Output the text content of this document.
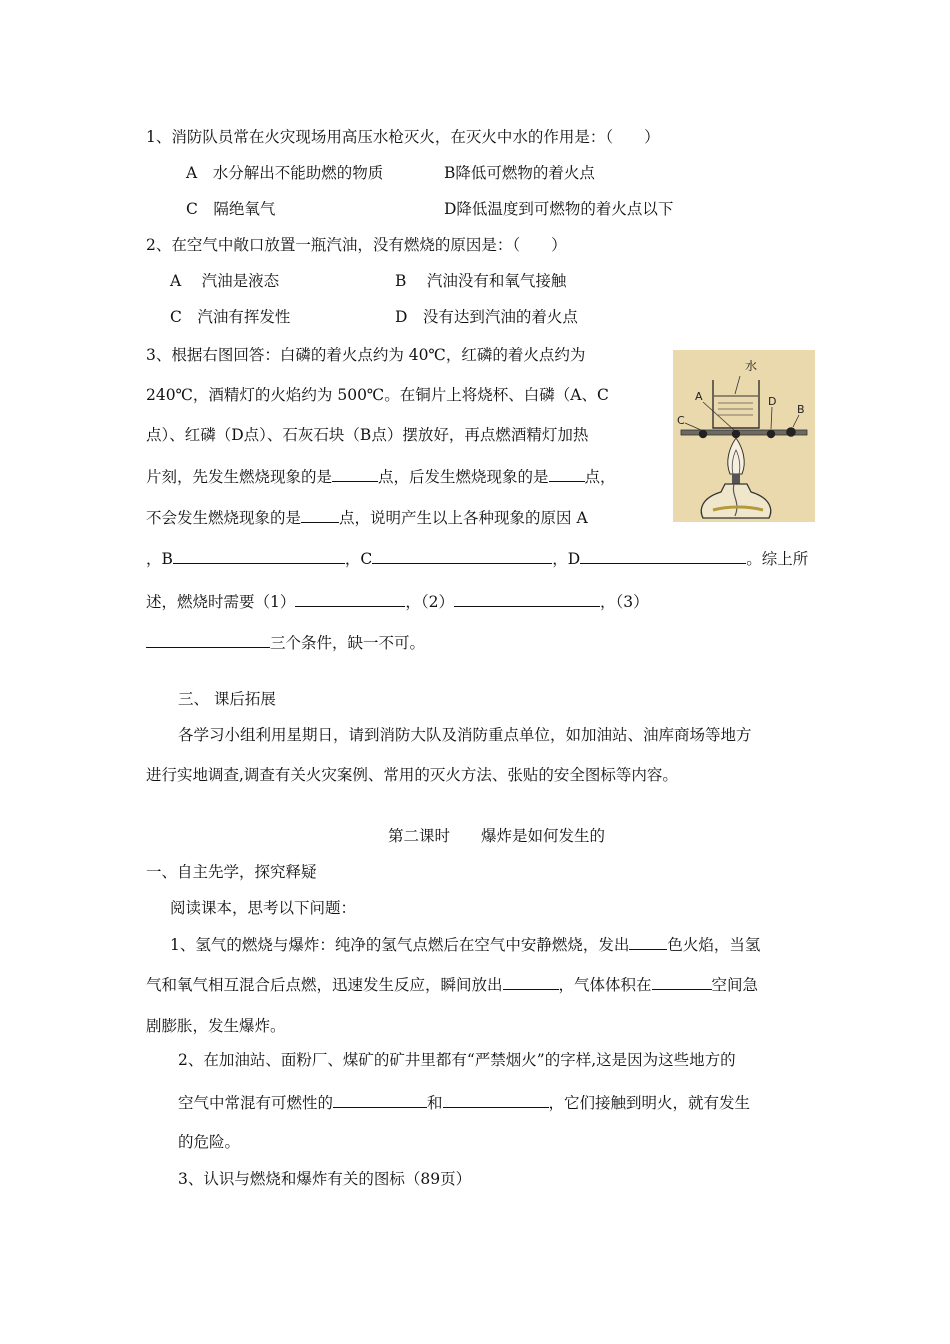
1、消防队员常在火灾现场用高压水枪灭火，在灭火中水的作用是：（　　）
A　水分解出不能助燃的物质	B降低可燃物的着火点
C　隔绝氧气	D降低温度到可燃物的着火点以下
2、在空气中敞口放置一瓶汽油，没有燃烧的原因是：（　　）
A　 汽油是液态	B　 汽油没有和氧气接触
C　汽油有挥发性	D　没有达到汽油的着火点
3、根据右图回答：白磷的着火点约为 40℃，红磷的着火点约为
240℃，酒精灯的火焰约为 500℃。在铜片上将烧杯、白磷（A、C
点）、红磷（D点）、石灰石块（B点）摆放好，再点燃酒精灯加热
片刻，先发生燃烧现象的是	点，后发生燃烧现象的是 点，
不会发生燃烧现象的是 点，说明产生以上各种现象的原因 A
，B	，C	，D	。综上所
述，燃烧时需要（1）	，（2）	，（3）
三个条件，缺一不可。
水
A
C
D
B
三、 课后拓展
各学习小组利用星期日，请到消防大队及消防重点单位，如加油站、油库商场等地方
进行实地调查,调查有关火灾案例、常用的灭火方法、张贴的安全图标等内容。
第二课时　　爆炸是如何发生的
一、自主先学，探究释疑
阅读课本，思考以下问题：
1、氢气的燃烧与爆炸：纯净的氢气点燃后在空气中安静燃烧，发出 色火焰，当氢
气和氧气相互混合后点燃，迅速发生反应，瞬间放出	，气体体积在	空间急
剧膨胀，发生爆炸。
2、在加油站、面粉厂、煤矿的矿井里都有“严禁烟火”的字样,这是因为这些地方的
空气中常混有可燃性的	和	，它们接触到明火，就有发生
的危险。
3、认识与燃烧和爆炸有关的图标（89页）
